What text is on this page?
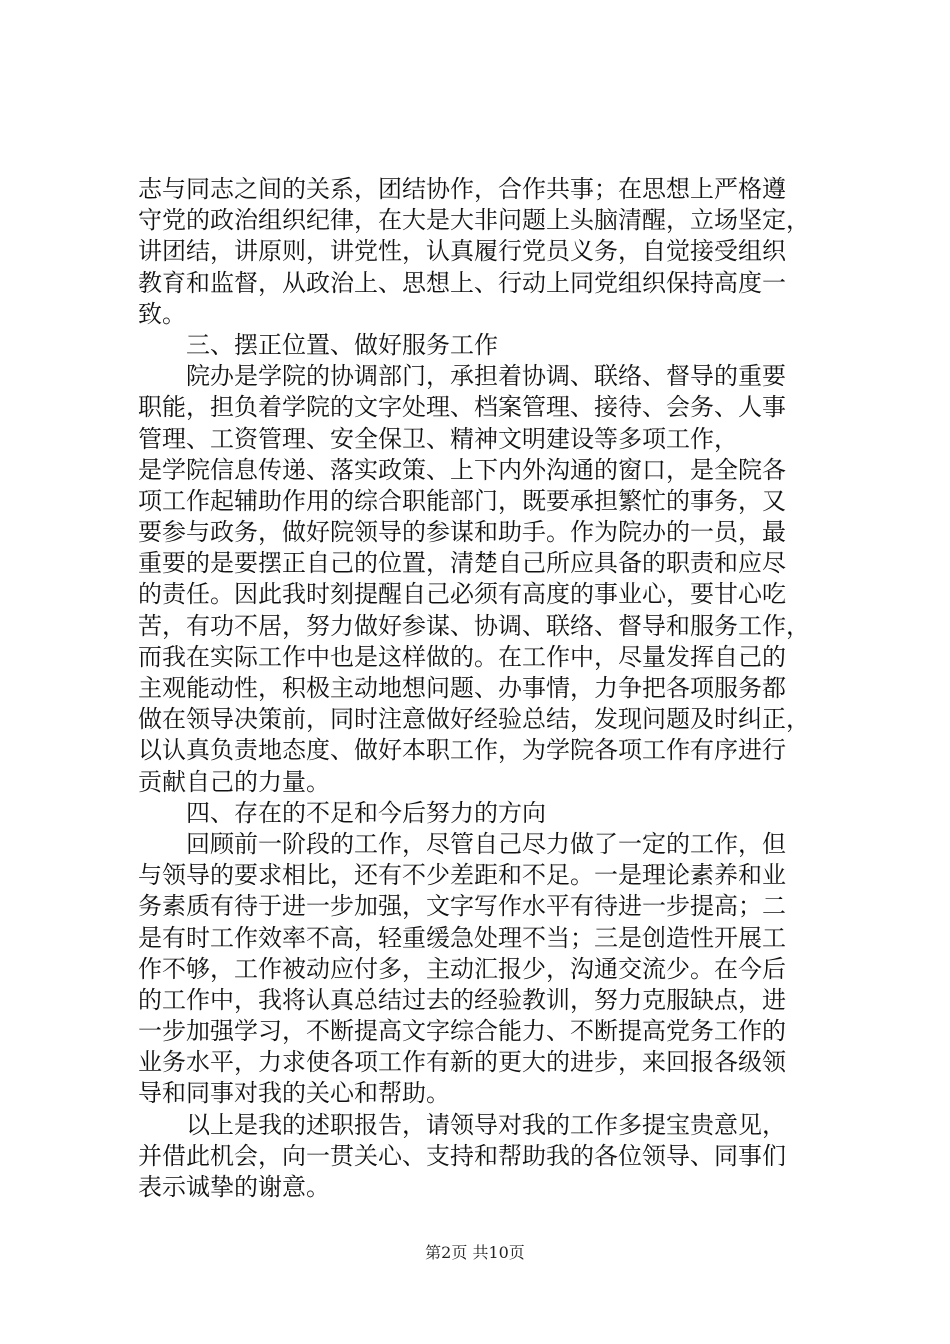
志与同志之间的关系，团结协作，合作共事；在思想上严格遵
守党的政治组织纪律，在大是大非问题上头脑清醒，立场坚定，
讲团结，讲原则，讲党性，认真履行党员义务，自觉接受组织
教育和监督，从政治上、思想上、行动上同党组织保持高度一
致。
三、摆正位置、做好服务工作
院办是学院的协调部门，承担着协调、联络、督导的重要
职能，担负着学院的文字处理、档案管理、接待、会务、人事
管理、工资管理、安全保卫、精神文明建设等多项工作，
是学院信息传递、落实政策、上下内外沟通的窗口，是全院各
项工作起辅助作用的综合职能部门，既要承担繁忙的事务，又
要参与政务，做好院领导的参谋和助手。作为院办的一员，最
重要的是要摆正自己的位置，清楚自己所应具备的职责和应尽
的责任。因此我时刻提醒自己必须有高度的事业心，要甘心吃
苦，有功不居，努力做好参谋、协调、联络、督导和服务工作，
而我在实际工作中也是这样做的。在工作中，尽量发挥自己的
主观能动性，积极主动地想问题、办事情，力争把各项服务都
做在领导决策前，同时注意做好经验总结，发现问题及时纠正，
以认真负责地态度、做好本职工作，为学院各项工作有序进行
贡献自己的力量。
四、存在的不足和今后努力的方向
回顾前一阶段的工作，尽管自己尽力做了一定的工作，但
与领导的要求相比，还有不少差距和不足。一是理论素养和业
务素质有待于进一步加强，文字写作水平有待进一步提高；二
是有时工作效率不高，轻重缓急处理不当；三是创造性开展工
作不够，工作被动应付多，主动汇报少，沟通交流少。在今后
的工作中，我将认真总结过去的经验教训，努力克服缺点，进
一步加强学习，不断提高文字综合能力、不断提高党务工作的
业务水平，力求使各项工作有新的更大的进步，来回报各级领
导和同事对我的关心和帮助。
以上是我的述职报告，请领导对我的工作多提宝贵意见，
并借此机会，向一贯关心、支持和帮助我的各位领导、同事们
表示诚挚的谢意。
第2页 共10页
